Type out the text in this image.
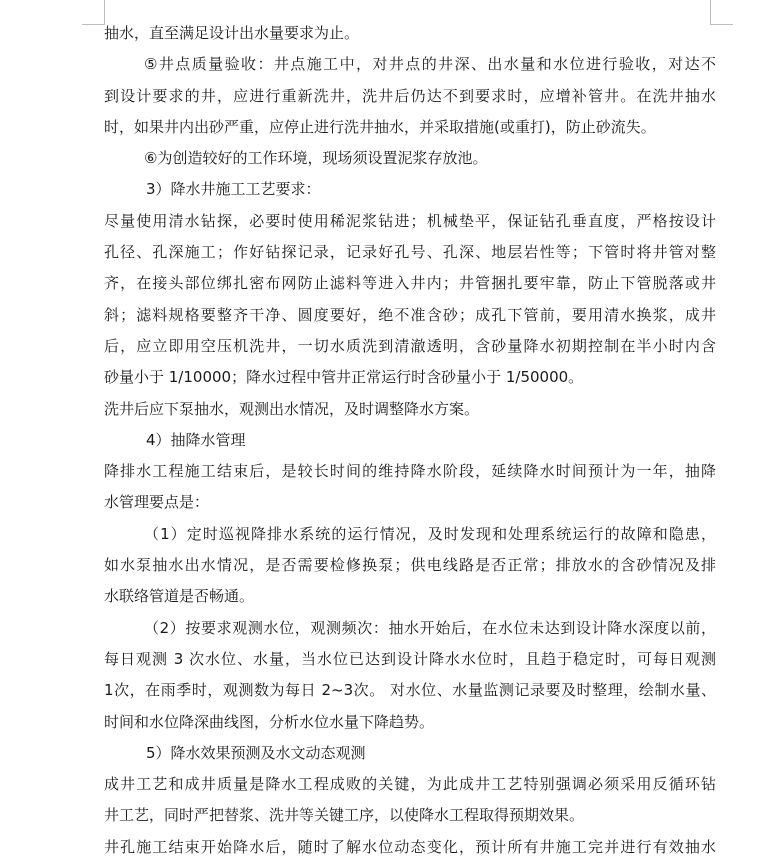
抽水，直至满足设计出水量要求为止。
⑤井点质量验收：井点施工中，对井点的井深、出水量和水位进行验收，对达不
到设计要求的井，应进行重新洗井，洗井后仍达不到要求时，应增补管井。在洗井抽水
时，如果井内出砂严重，应停止进行洗井抽水，并采取措施(或重打)，防止砂流失。
⑥为创造较好的工作环境，现场须设置泥浆存放池。
3）降水井施工工艺要求：
尽量使用清水钻探，必要时使用稀泥浆钻进；机械垫平，保证钻孔垂直度，严格按设计
孔径、孔深施工；作好钻探记录，记录好孔号、孔深、地层岩性等；下管时将井管对整
齐，在接头部位绑扎密布网防止滤料等进入井内；井管捆扎要牢靠，防止下管脱落或井
斜；滤料规格要整齐干净、圆度要好，绝不准含砂；成孔下管前，要用清水换浆，成井
后，应立即用空压机洗井，一切水质洗到清澈透明，含砂量降水初期控制在半小时内含
砂量小于 1/10000；降水过程中管井正常运行时含砂量小于 1/50000。
洗井后应下泵抽水，观测出水情况，及时调整降水方案。
4）抽降水管理
降排水工程施工结束后，是较长时间的维持降水阶段，延续降水时间预计为一年，抽降
水管理要点是：
（1）定时巡视降排水系统的运行情况，及时发现和处理系统运行的故障和隐患，
如水泵抽水出水情况，是否需要检修换泵；供电线路是否正常；排放水的含砂情况及排
水联络管道是否畅通。
（2）按要求观测水位，观测频次：抽水开始后，在水位未达到设计降水深度以前，
每日观测 3 次水位、水量，当水位已达到设计降水水位时，且趋于稳定时，可每日观测
1次，在雨季时，观测数为每日 2~3次。 对水位、水量监测记录要及时整理，绘制水量、
时间和水位降深曲线图，分析水位水量下降趋势。
5）降水效果预测及水文动态观测
成井工艺和成井质量是降水工程成败的关键，为此成井工艺特别强调必须采用反循环钻
井工艺，同时严把替浆、洗井等关键工序，以使降水工程取得预期效果。
井孔施工结束开始降水后，随时了解水位动态变化，预计所有井施工完并进行有效抽水
